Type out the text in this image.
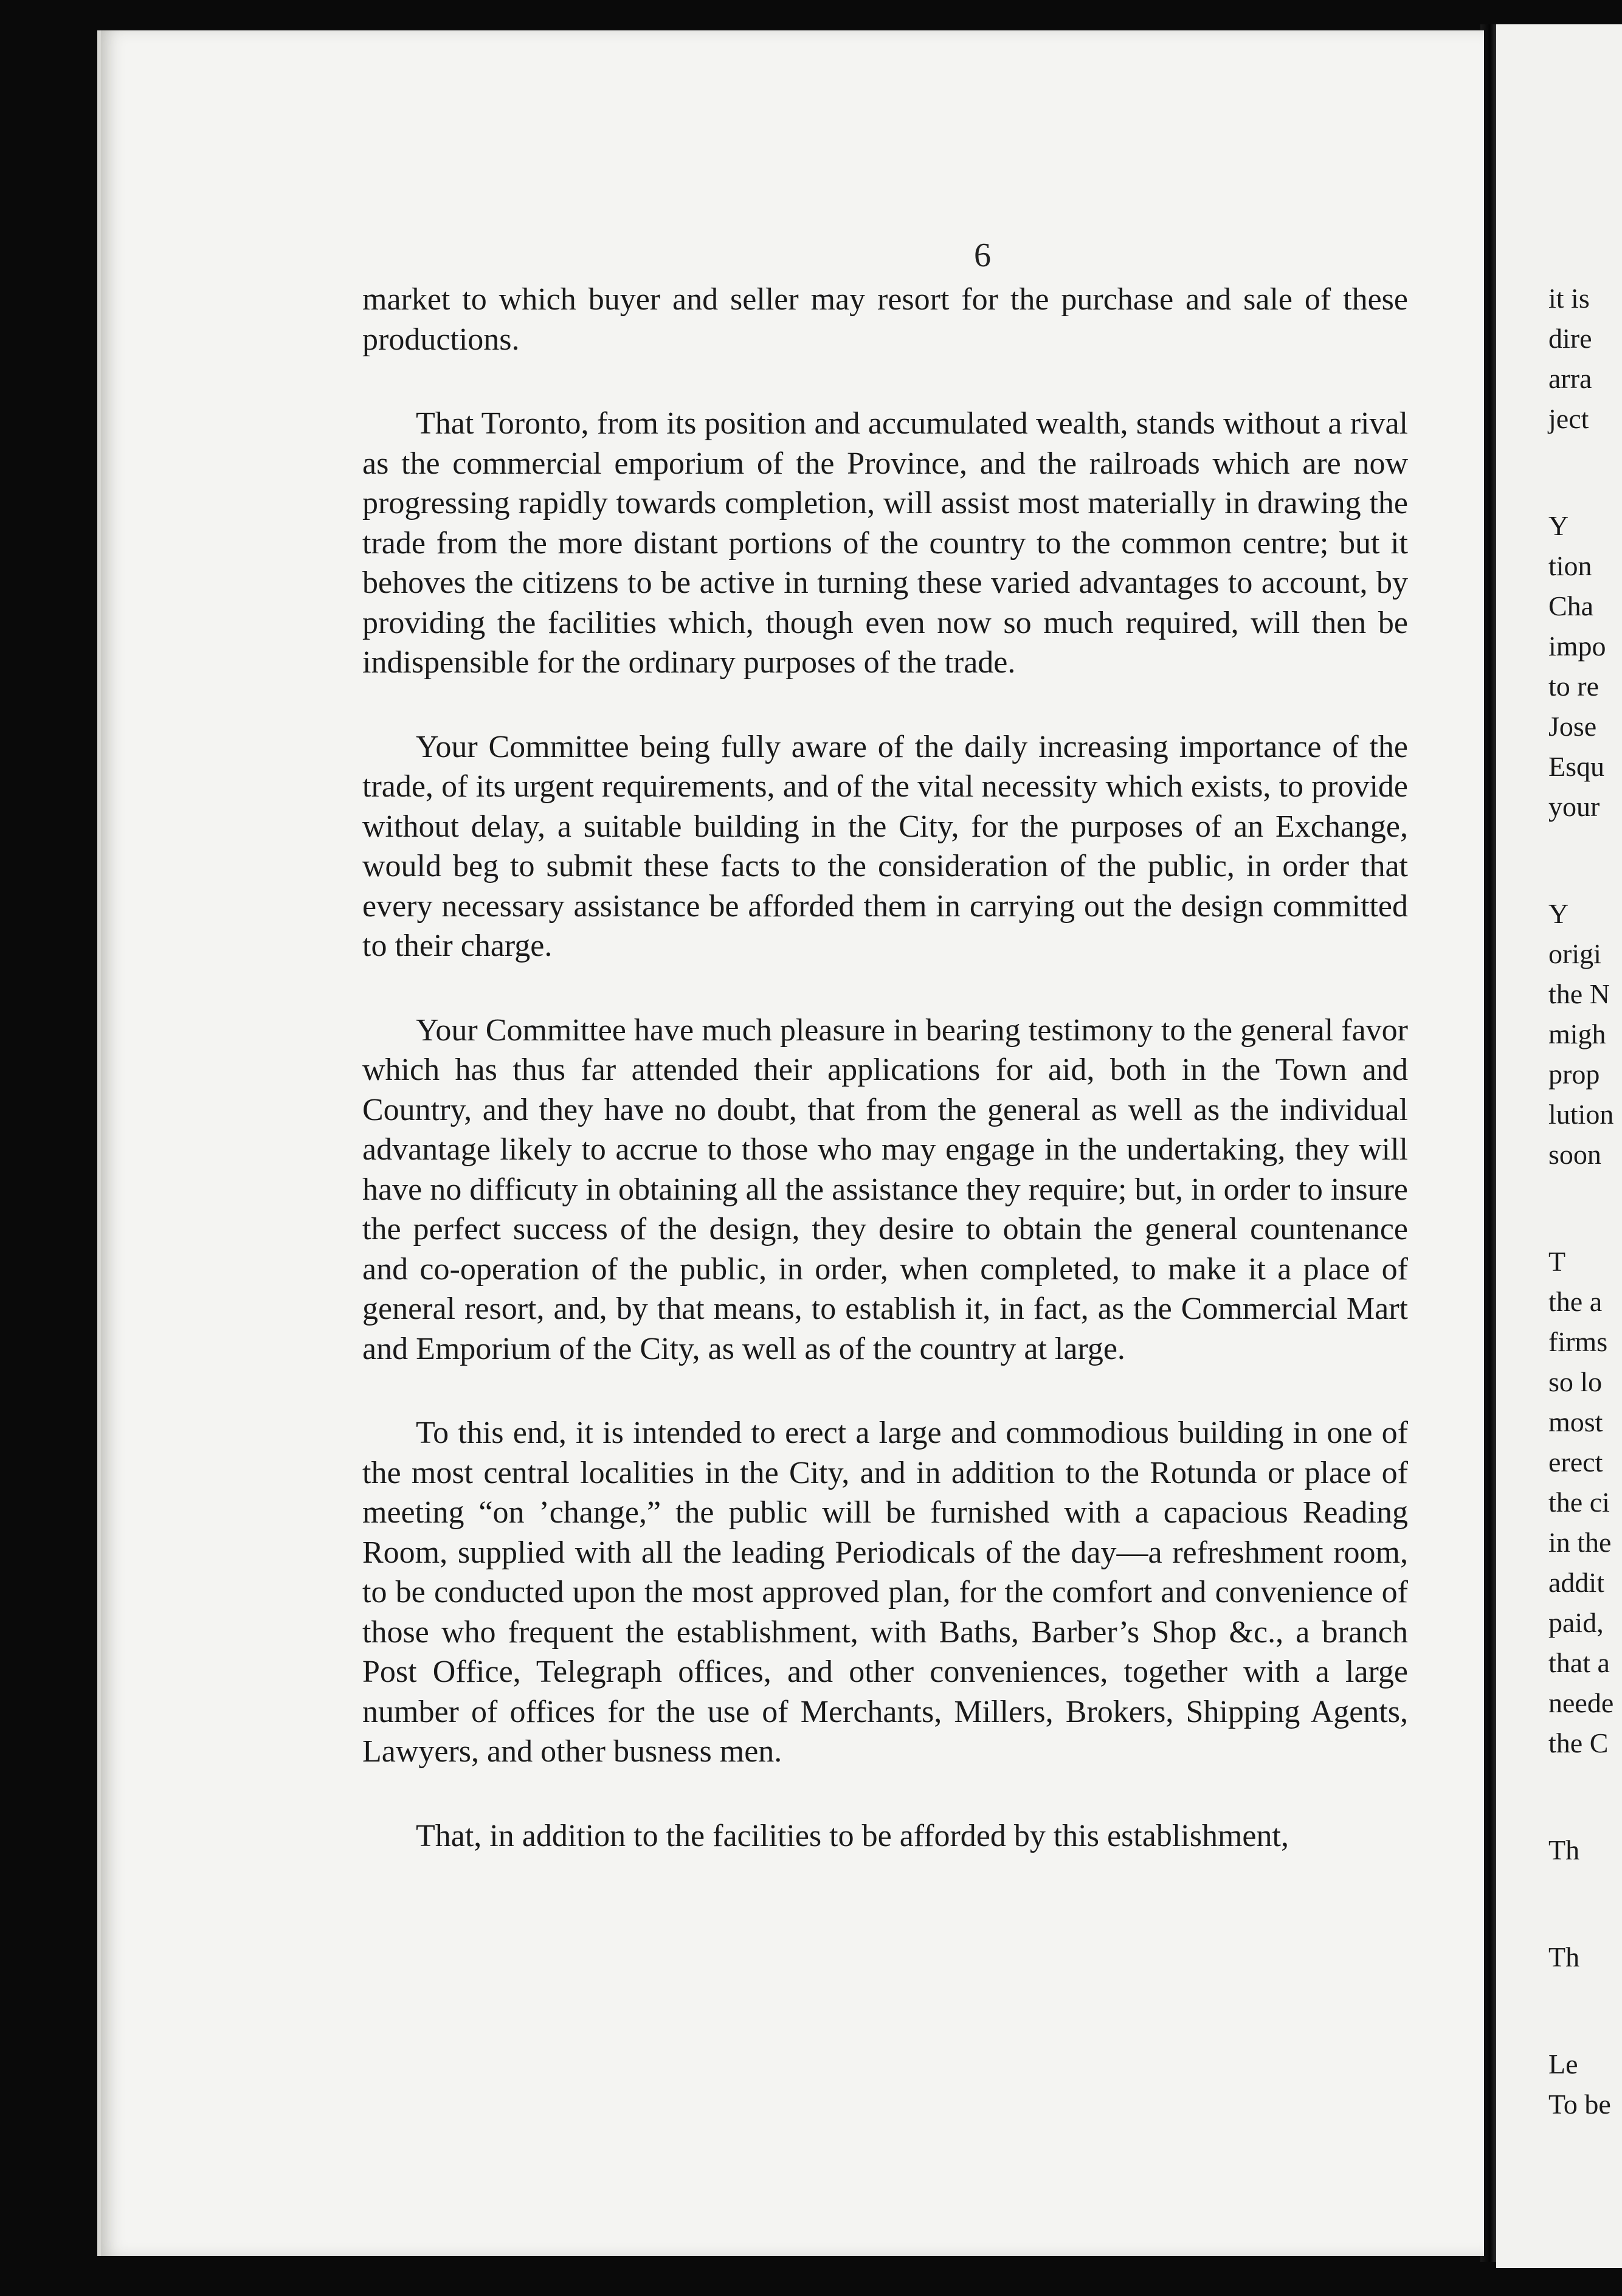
6

market to which buyer and seller may resort for the purchase and sale of these productions.

That Toronto, from its position and accumulated wealth, stands without a rival as the commercial emporium of the Province, and the railroads which are now progressing rapidly towards completion, will assist most materially in drawing the trade from the more distant portions of the country to the common centre; but it behoves the citizens to be active in turning these varied advantages to account, by providing the facilities which, though even now so much required, will then be indispensible for the ordinary purposes of the trade.

Your Committee being fully aware of the daily increasing importance of the trade, of its urgent requirements, and of the vital necessity which exists, to provide without delay, a suitable building in the City, for the purposes of an Exchange, would beg to submit these facts to the consideration of the public, in order that every necessary assistance be afforded them in carrying out the design committed to their charge.

Your Committee have much pleasure in bearing testimony to the general favor which has thus far attended their applications for aid, both in the Town and Country, and they have no doubt, that from the general as well as the individual advantage likely to accrue to those who may engage in the undertaking, they will have no difficuty in obtaining all the assistance they require; but, in order to insure the perfect success of the design, they desire to obtain the general countenance and co-operation of the public, in order, when completed, to make it a place of general resort, and, by that means, to establish it, in fact, as the Commercial Mart and Emporium of the City, as well as of the country at large.

To this end, it is intended to erect a large and commodious building in one of the most central localities in the City, and in addition to the Rotunda or place of meeting “on ’change,” the public will be furnished with a capacious Reading Room, supplied with all the leading Periodicals of the day—a refreshment room, to be conducted upon the most approved plan, for the comfort and convenience of those who frequent the establishment, with Baths, Barber’s Shop &c., a branch Post Office, Telegraph offices, and other conveniences, together with a large number of offices for the use of Merchants, Millers, Brokers, Shipping Agents, Lawyers, and other busness men.

That, in addition to the facilities to be afforded by this establishment,

it is
dire
arra
ject
Y
tion
Cha
impo
to re
Jose
Esqu
your
Y
origi
the N
migh
prop
lution
soon
T
the a
firms
so lo
most
erect
the ci
in the
addit
paid,
that a
neede
the C
Th
Th
Le
To be
